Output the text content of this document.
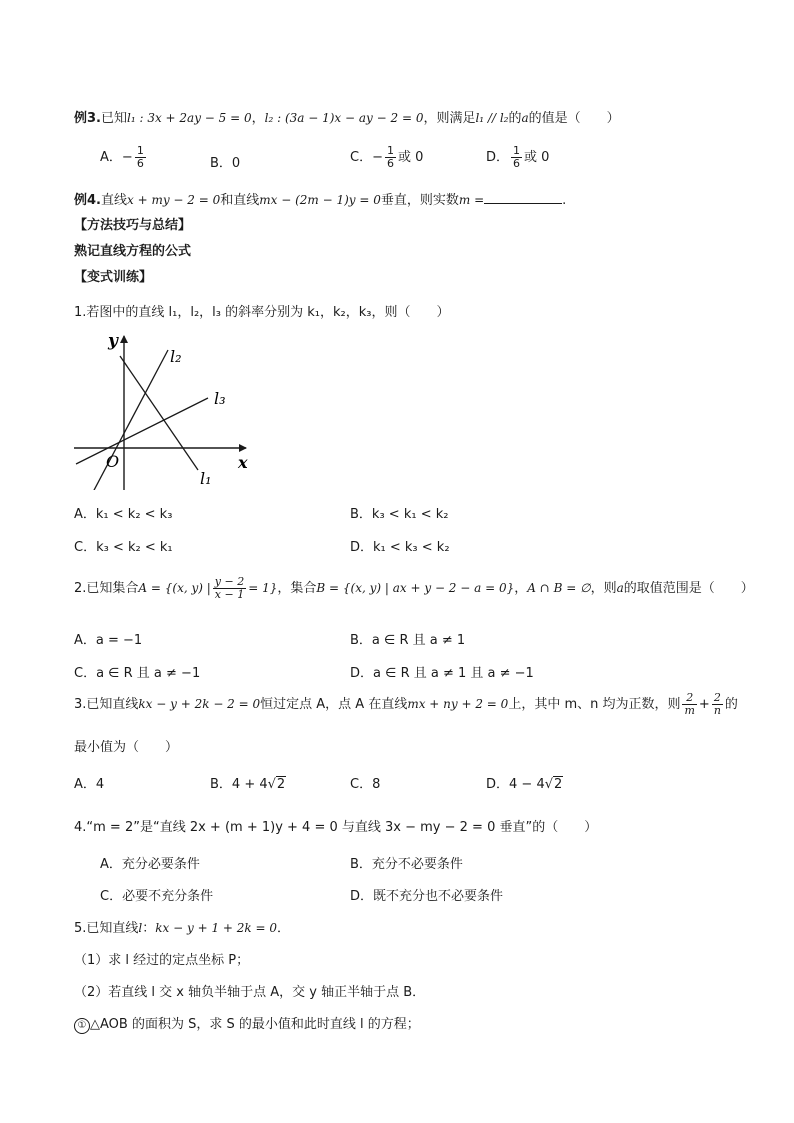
例3.已知l₁ : 3x + 2ay − 5 = 0，l₂ : (3a − 1)x − ay − 2 = 0，则满足l₁ // l₂的a的值是（　　）
A．− $\frac{1}{6}$	B．0	C．− $\frac{1}{6}$ 或 0	D． $\frac{1}{6}$ 或 0
例4.直线x + my − 2 = 0和直线mx − (2m − 1)y = 0垂直，则实数m =	.
【方法技巧与总结】
熟记直线方程的公式
【变式训练】
1.若图中的直线 l₁，l₂，l₃ 的斜率分别为 k₁，k₂，k₃，则（　　）
y
x
O
l₂
l₃
l₁
A．k₁ < k₂ < k₃	B．k₃ < k₁ < k₂
C．k₃ < k₂ < k₁	D．k₁ < k₃ < k₂
2.已知集合A = {(x, y) | $\frac{y - 2}{x - 1} = 1$}，集合B = {(x, y) | ax + y − 2 − a = 0}，A ∩ B = ∅，则a的取值范围是（　　）
A．a = −1	B．a ∈ R 且 a ≠ 1
C．a ∈ R 且 a ≠ −1	D．a ∈ R 且 a ≠ 1 且 a ≠ −1
3.已知直线kx − y + 2k − 2 = 0恒过定点 A，点 A 在直线mx + ny + 2 = 0上，其中 m、n 均为正数，则 $\frac{2}{m} + \frac{2}{n}$ 的
最小值为（　　）
A．4	B．4 + 4√2	C．8	D．4 − 4√2
4.“m = 2”是“直线 2x + (m + 1)y + 4 = 0 与直线 3x − my − 2 = 0 垂直”的（　　）
A．充分必要条件	B．充分不必要条件
C．必要不充分条件	D．既不充分也不必要条件
5.已知直线l：kx − y + 1 + 2k = 0．
（1）求 l 经过的定点坐标 P；
（2）若直线 l 交 x 轴负半轴于点 A，交 y 轴正半轴于点 B．
① △AOB 的面积为 S，求 S 的最小值和此时直线 l 的方程；
